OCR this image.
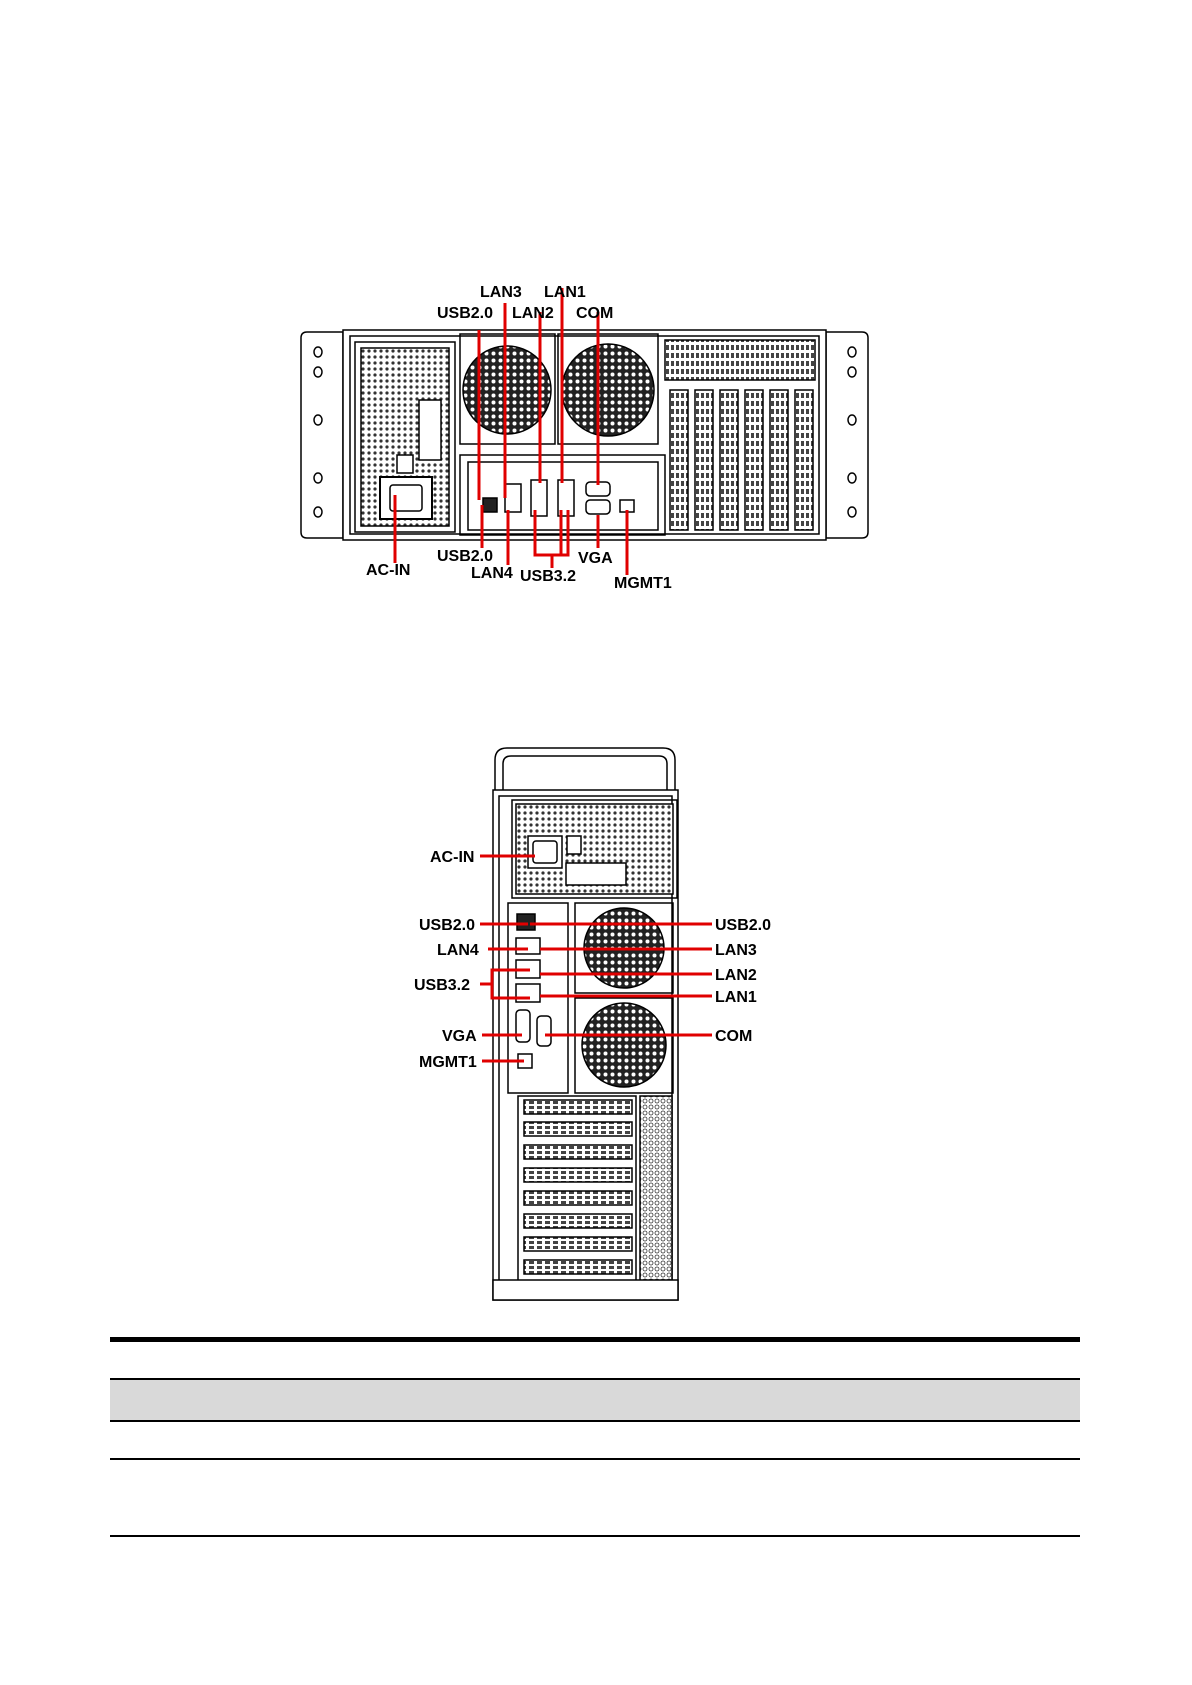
LAN3 LAN1
USB2.0 LAN2 COM
USB2.0
AC-IN	LAN4 USB3.2
VGA
MGMT1
AC-IN
USB2.0	USB2.0
LAN4	LAN3
USB3.2
LAN2
LAN1
VGA	COM
MGMT1
